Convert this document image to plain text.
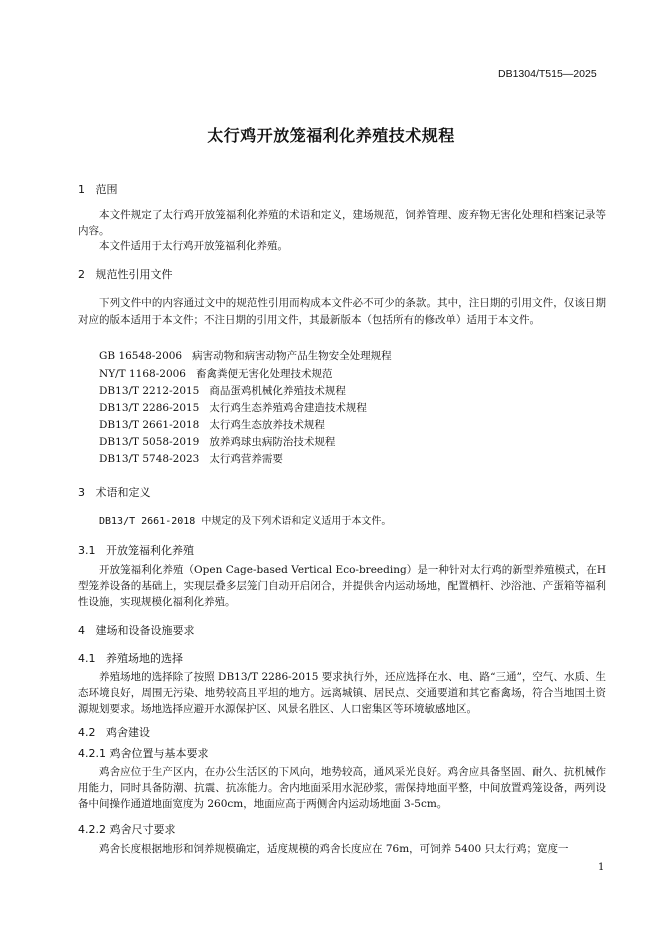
DB1304/T515—2025
太行鸡开放笼福利化养殖技术规程
1 范围
本文件规定了太行鸡开放笼福利化养殖的术语和定义，建场规范，饲养管理、废弃物无害化处理和档案记录等内容。
本文件适用于太行鸡开放笼福利化养殖。
2 规范性引用文件
下列文件中的内容通过文中的规范性引用而构成本文件必不可少的条款。其中，注日期的引用文件，仅该日期对应的版本适用于本文件；不注日期的引用文件，其最新版本（包括所有的修改单）适用于本文件。
GB 16548-2006 病害动物和病害动物产品生物安全处理规程
NY/T 1168-2006 畜禽粪便无害化处理技术规范
DB13/T 2212-2015 商品蛋鸡机械化养殖技术规程
DB13/T 2286-2015 太行鸡生态养殖鸡舍建造技术规程
DB13/T 2661-2018 太行鸡生态放养技术规程
DB13/T 5058-2019 放养鸡球虫病防治技术规程
DB13/T 5748-2023 太行鸡营养需要
3 术语和定义
DB13/T 2661-2018 中规定的及下列术语和定义适用于本文件。
3.1 开放笼福利化养殖
开放笼福利化养殖（Open Cage-based Vertical Eco-breeding）是一种针对太行鸡的新型养殖模式，在H 型笼养设备的基础上，实现层叠多层笼门自动开启闭合，并提供舍内运动场地，配置栖杆、沙浴池、产蛋箱等福利性设施，实现规模化福利化养殖。
4 建场和设备设施要求
4.1 养殖场地的选择
养殖场地的选择除了按照 DB13/T 2286-2015 要求执行外，还应选择在水、电、路“三通”，空气、水质、生态环境良好，周围无污染、地势较高且平坦的地方。远离城镇、居民点、交通要道和其它畜禽场，符合当地国土资源规划要求。场地选择应避开水源保护区、风景名胜区、人口密集区等环境敏感地区。
4.2 鸡舍建设
4.2.1 鸡舍位置与基本要求
鸡舍应位于生产区内，在办公生活区的下风向，地势较高，通风采光良好。鸡舍应具备坚固、耐久、抗机械作用能力，同时具备防潮、抗震、抗冻能力。舍内地面采用水泥砂浆，需保持地面平整，中间放置鸡笼设备，两列设备中间操作通道地面宽度为 260cm，地面应高于两侧舍内运动场地面 3-5cm。
4.2.2 鸡舍尺寸要求
鸡舍长度根据地形和饲养规模确定，适度规模的鸡舍长度应在 76m，可饲养 5400 只太行鸡；宽度一
1
